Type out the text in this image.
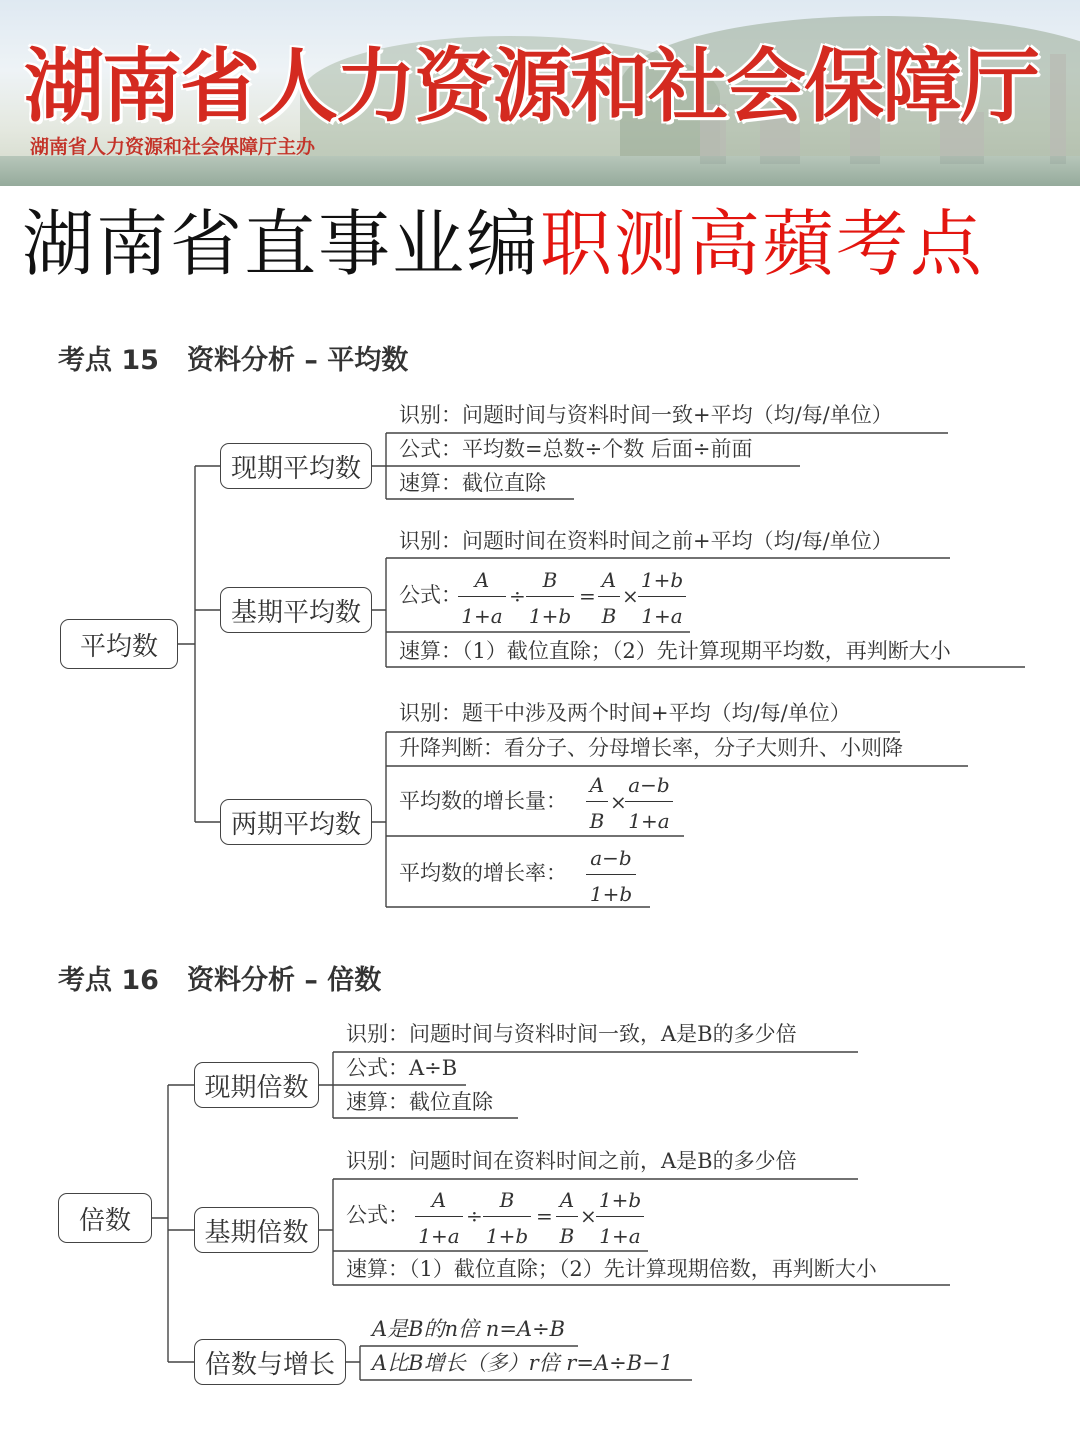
湖南省人力资源和社会保障厅
湖南省人力资源和社会保障厅主办
湖南省直事业编职测高蘋考点
考点 15 资料分析 – 平均数
平均数
现期平均数
基期平均数
两期平均数
识别：问题时间与资料时间一致+平均（均/每/单位）
公式：平均数=总数÷个数 后面÷前面
速算：截位直除
识别：问题时间在资料时间之前+平均（均/每/单位）
公式：
A
1+a
÷
B
1+b
=
A
B
×
1+b
1+a
速算：（1）截位直除；（2）先计算现期平均数，再判断大小
识别：题干中涉及两个时间+平均（均/每/单位）
升降判断：看分子、分母增长率，分子大则升、小则降
平均数的增长量：
A
B
×
a−b
1+a
平均数的增长率：
a−b
1+b
考点 16 资料分析 – 倍数
倍数
现期倍数
基期倍数
倍数与增长
识别：问题时间与资料时间一致，A是B的多少倍
公式：A÷B
速算：截位直除
识别：问题时间在资料时间之前，A是B的多少倍
公式：
A
1+a
÷
B
1+b
=
A
B
×
1+b
1+a
速算：（1）截位直除；（2）先计算现期倍数，再判断大小
A是B的n倍 n=A÷B
A比B增长（多）r倍 r=A÷B−1
